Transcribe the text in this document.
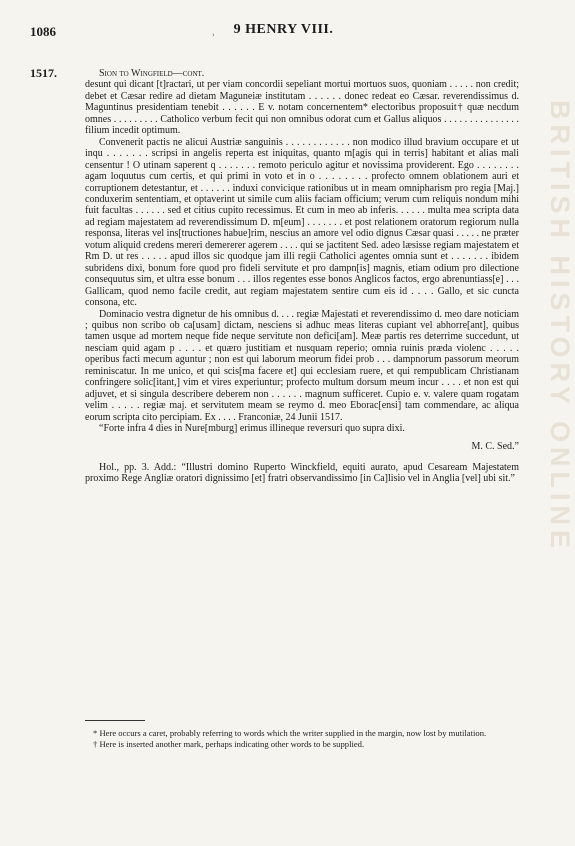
1086	9 HENRY VIII.
›
1517.
BRITISH HISTORY ONLINE

Sion to Wingfield—cont.

desunt qui dicant [t]ractari, ut per viam concordii sepeliant mortui mortuos suos, quoniam . . . . . non credit; debet et Cæsar redire ad dietam Maguneiæ institutam . . . . . . donec redeat eo Cæsar. reverendissimus d. Maguntinus presidentiam tenebit . . . . . . E v. notam concernentem* electoribus proposuit† quæ necdum omnes . . . . . . . . . Catholico verbum fecit qui non omnibus odorat cum et Gallus aliquos . . . . . . . . . . . . . . . filium incedit optimum.

Convenerit pactis ne alicui Austriæ sanguinis . . . . . . . . . . . . non modico illud bravium occupare et ut inqu . . . . . . . scripsi in angelis reperta est iniquitas, quanto m[agis qui in terris] habitant et alias mali censentur ! O utinam saperent q . . . . . . . remoto periculo agitur et novissima providerent. Ego . . . . . . . . agam loquutus cum certis, et qui primi in voto et in o . . . . . . . . profecto omnem oblationem auri et corruptionem detestantur, et . . . . . . induxi convicique rationibus ut in meam omnipharism pro regia [Maj.] conduxerim sententiam, et optaverint ut simile cum aliis faciam officium; verum cum reliquis nondum mihi fuit facultas . . . . . . sed et citius cupito recessimus. Et cum in meo ab inferis. . . . . . multa mea scripta data ad regiam majestatem ad reverendissimum D. m[eum] . . . . . . . et post relationem oratorum regiorum nulla responsa, literas vel ins[tructiones habue]rim, nescius an amore vel odio dignus Cæsar quasi . . . . . ne præter votum aliquid credens mereri demererer agerem . . . . qui se jactitent Sed. adeo læsisse regiam majestatem et Rm D. ut res . . . . . apud illos sic quodque jam illi regii Catholici agentes omnia sunt et . . . . . . . ibidem subridens dixi, bonum fore quod pro fideli servitute et pro dampn[is] magnis, etiam odium pro dilectione consequutus sim, et ultra esse bonum . . . illos regentes esse bonos Anglicos factos, ergo abrenuntiass[e] . . . Gallicam, quod nemo facile credit, aut regiam majestatem sentire cum eis id . . . . Gallo, et sic cuncta consona, etc.

Dominacio vestra dignetur de his omnibus d. . . . regiæ Majestati et reverendissimo d. meo dare noticiam ; quibus non scribo ob ca[usam] dictam, nesciens si adhuc meas literas cupiant vel abhorre[ant], quibus tamen usque ad mortem neque fide neque servitute non defici[am]. Meæ partis res deterrime succedunt, ut nesciam quid agam p . . . . et quæro justitiam et nusquam reperio; omnia ruinis præda violenc . . . . . operibus facti mecum aguntur ; non est qui laborum meorum fidei prob . . . dampnorum passorum meorum reminiscatur. In me unico, et qui scis[ma facere et] qui ecclesiam ruere, et qui rempublicam Christianam confringere solic[itant,] vim et vires experiuntur; profecto multum dorsum meum incur . . . . et non est qui adjuvet, et si singula describere deberem non . . . . . . magnum sufficeret. Cupio e. v. valere quam rogatam velim . . . . . regiæ maj. et servitutem meam se reymo d. meo Eborac[ensi] tam commendare, ac aliqua eorum scripta cito percipiam. Ex . . . . Franconiæ, 24 Junii 1517.

“Forte infra 4 dies in Nure[mburg] erimus illineque reversuri quo supra dixi.

M. C. Sed.”

Hol., pp. 3. Add.: “Illustri domino Ruperto Winckfield, equiti aurato, apud Cesaream Majestatem proximo Rege Angliæ oratori dignissimo [et] fratri observandissimo [in Ca]lisio vel in Anglia [vel] ubi sit.”

* Here occurs a caret, probably referring to words which the writer supplied in the margin, now lost by mutilation.

† Here is inserted another mark, perhaps indicating other words to be supplied.
